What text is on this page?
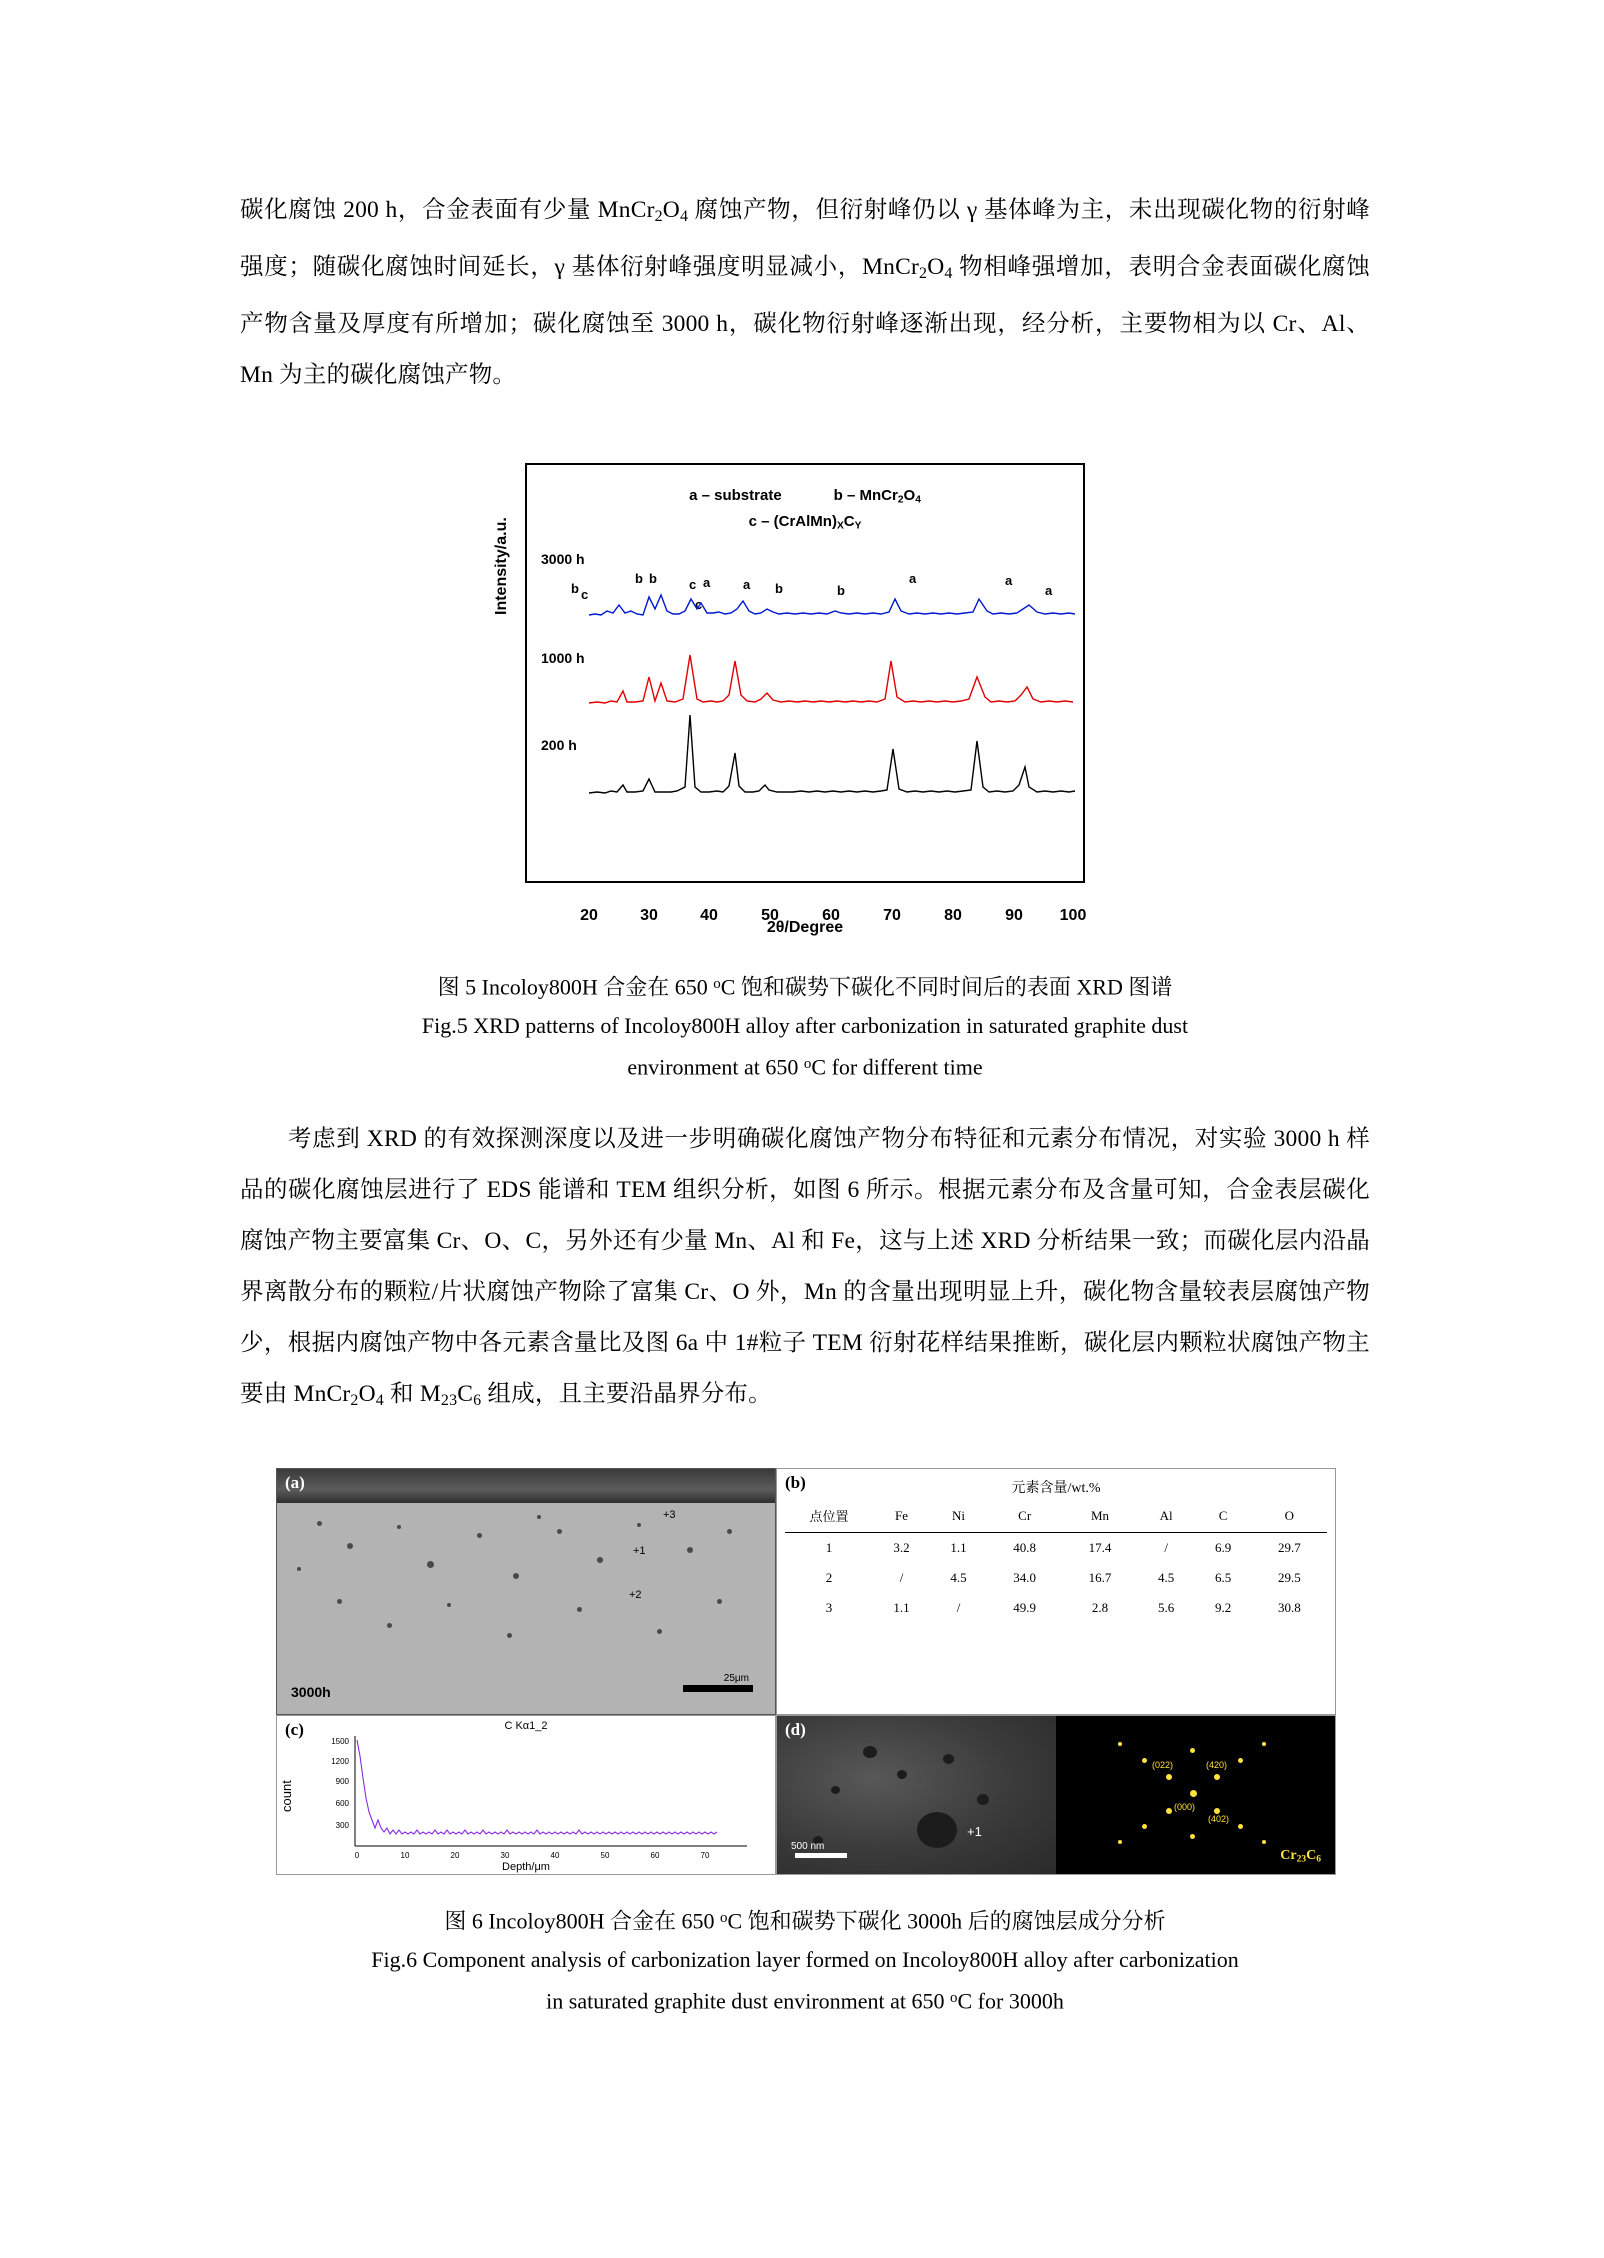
碳化腐蚀 200 h，合金表面有少量 $MnCr_2O_4$ 腐蚀产物，但衍射峰仍以 γ 基体峰为主，未出现碳化物的衍射峰强度；随碳化腐蚀时间延长，γ 基体衍射峰强度明显减小，$MnCr_2O_4$ 物相峰强增加，表明合金表面碳化腐蚀产物含量及厚度有所增加；碳化腐蚀至 3000 h，碳化物衍射峰逐渐出现，经分析，主要物相为以 Cr、Al、Mn 为主的碳化腐蚀产物。

a – substrate	b – $MnCr_2O_4$
c – $(CrAlMn)_XC_Y$
3000 h
1000 h
200 h
b c
b b c a
c
a b	b
a	a
a
Intensity/a.u.
20	30	40	50	60	70	80	90 100
2θ/Degree
图 5 Incoloy800H 合金在 650 $^o$C 饱和碳势下碳化不同时间后的表面 XRD 图谱
Fig.5 XRD patterns of Incoloy800H alloy after carbonization in saturated graphite dust
environment at 650 $^o$C for different time

考虑到 XRD 的有效探测深度以及进一步明确碳化腐蚀产物分布特征和元素分布情况，对实验 3000 h 样品的碳化腐蚀层进行了 EDS 能谱和 TEM 组织分析，如图 6 所示。根据元素分布及含量可知，合金表层碳化腐蚀产物主要富集 Cr、O、C，另外还有少量 Mn、Al 和 Fe，这与上述 XRD 分析结果一致；而碳化层内沿晶界离散分布的颗粒/片状腐蚀产物除了富集 Cr、O 外，Mn 的含量出现明显上升，碳化物含量较表层腐蚀产物少，根据内腐蚀产物中各元素含量比及图 6a 中 1#粒子 TEM 衍射花样结果推断，碳化层内颗粒状腐蚀产物主要由 $MnCr_2O_4$ 和 $M_{23}C_6$ 组成，且主要沿晶界分布。

(a)
+3
+1
+2
3000h
25μm
(b)	元素含量/wt.%
点位置	Fe	Ni	Cr	Mn	Al	C	O
1	3.2	1.1	40.8	17.4	/	6.9	29.7
2	/	4.5	34.0	16.7	4.5	6.5	29.5
3	1.1	/	49.9	2.8	5.6	9.2	30.8
(c)	C Kα1_2
count
1500
1200
900
600
300
0	10	20	30	40	50	60	70
Depth/μm
(d)
500 nm
+1
(022)	(420)
(402)
(000)
$Cr_{23}C_6$
图 6 Incoloy800H 合金在 650 $^o$C 饱和碳势下碳化 3000h 后的腐蚀层成分分析
Fig.6 Component analysis of carbonization layer formed on Incoloy800H alloy after carbonization
in saturated graphite dust environment at 650 $^o$C for 3000h
